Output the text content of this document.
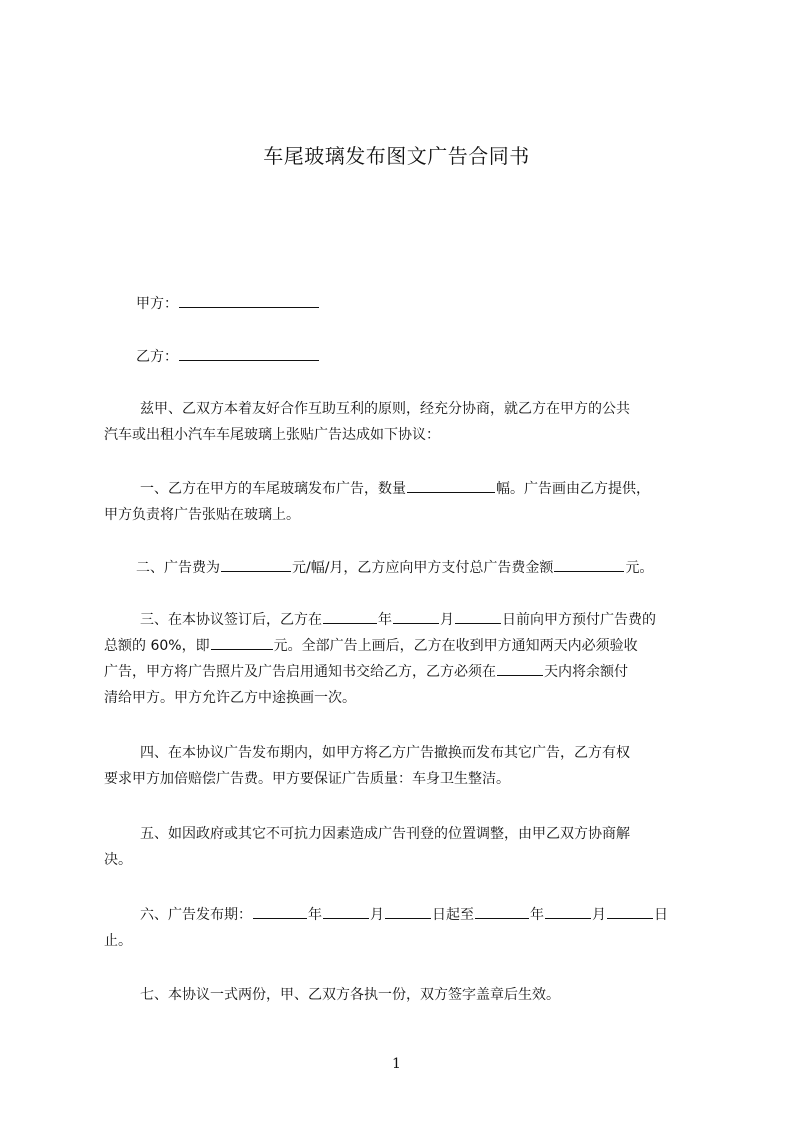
车尾玻璃发布图文广告合同书
甲方：
乙方：
兹甲、乙双方本着友好合作互助互利的原则，经充分协商，就乙方在甲方的公共
汽车或出租小汽车车尾玻璃上张贴广告达成如下协议：
一、乙方在甲方的车尾玻璃发布广告，数量	幅。广告画由乙方提供，
甲方负责将广告张贴在玻璃上。
二、广告费为	元/幅/月，乙方应向甲方支付总广告费金额	元。
三、在本协议签订后，乙方在	年	月	日前向甲方预付广告费的
总额的 60%，即	元。全部广告上画后，乙方在收到甲方通知两天内必须验收
广告，甲方将广告照片及广告启用通知书交给乙方，乙方必须在	天内将余额付
清给甲方。甲方允许乙方中途换画一次。
四、在本协议广告发布期内，如甲方将乙方广告撤换而发布其它广告，乙方有权
要求甲方加倍赔偿广告费。甲方要保证广告质量：车身卫生整洁。
五、如因政府或其它不可抗力因素造成广告刊登的位置调整，由甲乙双方协商解
决。
六、广告发布期：	年	月	日起至	年	月	日
止。
七、本协议一式两份，甲、乙双方各执一份，双方签字盖章后生效。
1
